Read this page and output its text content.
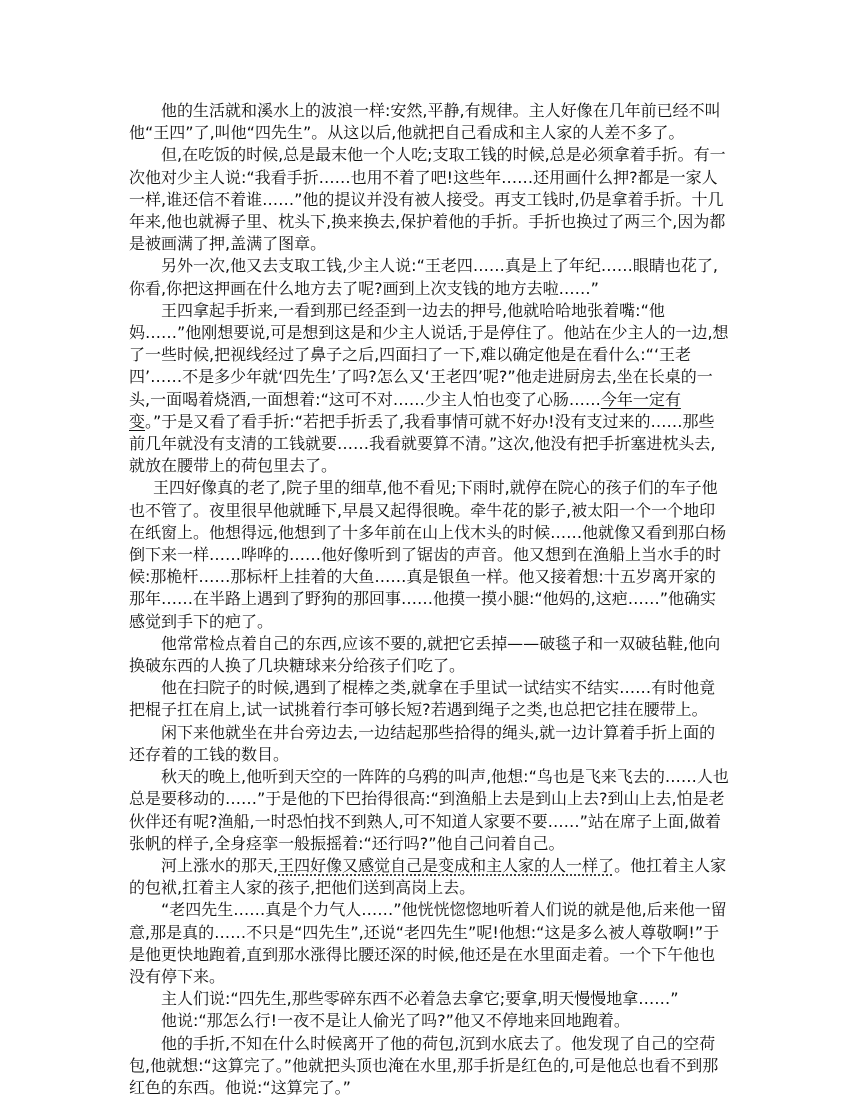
他的生活就和溪水上的波浪一样:安然,平静,有规律。主人好像在几年前已经不叫他“王四”了,叫他“四先生”。从这以后,他就把自己看成和主人家的人差不多了。

但,在吃饭的时候,总是最末他一个人吃;支取工钱的时候,总是必须拿着手折。有一次他对少主人说:“我看手折……也用不着了吧!这些年……还用画什么押?都是一家人一样,谁还信不着谁……”他的提议并没有被人接受。再支工钱时,仍是拿着手折。十几年来,他也就褥子里、枕头下,换来换去,保护着他的手折。手折也换过了两三个,因为都是被画满了押,盖满了图章。

另外一次,他又去支取工钱,少主人说:“王老四……真是上了年纪……眼睛也花了,你看,你把这押画在什么地方去了呢?画到上次支钱的地方去啦……”

王四拿起手折来,一看到那已经歪到一边去的押号,他就哈哈地张着嘴:“他妈……”他刚想要说,可是想到这是和少主人说话,于是停住了。他站在少主人的一边,想了一些时候,把视线经过了鼻子之后,四面扫了一下,难以确定他是在看什么:“‘王老四’……不是多少年就‘四先生’了吗?怎么又‘王老四’呢?”他走进厨房去,坐在长桌的一头,一面喝着烧酒,一面想着:“这可不对……少主人怕也变了心肠……今年一定有变。”于是又看了看手折:“若把手折丢了,我看事情可就不好办!没有支过来的……那些前几年就没有支清的工钱就要……我看就要算不清。”这次,他没有把手折塞进枕头去,就放在腰带上的荷包里去了。

王四好像真的老了,院子里的细草,他不看见;下雨时,就停在院心的孩子们的车子他也不管了。夜里很早他就睡下,早晨又起得很晚。牵牛花的影子,被太阳一个一个地印在纸窗上。他想得远,他想到了十多年前在山上伐木头的时候……他就像又看到那白杨倒下来一样……哗哗的……他好像听到了锯齿的声音。他又想到在渔船上当水手的时候:那桅杆……那标杆上挂着的大鱼……真是银鱼一样。他又接着想:十五岁离开家的那年……在半路上遇到了野狗的那回事……他摸一摸小腿:“他妈的,这疤……”他确实感觉到手下的疤了。

他常常检点着自己的东西,应该不要的,就把它丢掉——破毯子和一双破毡鞋,他向换破东西的人换了几块糖球来分给孩子们吃了。

他在扫院子的时候,遇到了棍棒之类,就拿在手里试一试结实不结实……有时他竟把棍子扛在肩上,试一试挑着行李可够长短?若遇到绳子之类,也总把它挂在腰带上。

闲下来他就坐在井台旁边去,一边结起那些拾得的绳头,就一边计算着手折上面的还存着的工钱的数目。

秋天的晚上,他听到天空的一阵阵的乌鸦的叫声,他想:“鸟也是飞来飞去的……人也总是要移动的……”于是他的下巴抬得很高:“到渔船上去是到山上去?到山上去,怕是老伙伴还有呢?渔船,一时恐怕找不到熟人,可不知道人家要不要……”站在席子上面,做着张帆的样子,全身痉挛一般振摇着:“还行吗?”他自己问着自己。

河上涨水的那天,王四好像又感觉自己是变成和主人家的人一样了。他扛着主人家的包袱,扛着主人家的孩子,把他们送到高岗上去。

“老四先生……真是个力气人……”他恍恍惚惚地听着人们说的就是他,后来他一留意,那是真的……不只是“四先生”,还说“老四先生”呢!他想:“这是多么被人尊敬啊!”于是他更快地跑着,直到那水涨得比腰还深的时候,他还是在水里面走着。一个下午他也没有停下来。

主人们说:“四先生,那些零碎东西不必着急去拿它;要拿,明天慢慢地拿……”

他说:“那怎么行!一夜不是让人偷光了吗?”他又不停地来回地跑着。

他的手折,不知在什么时候离开了他的荷包,沉到水底去了。他发现了自己的空荷包,他就想:“这算完了。”他就把头顶也淹在水里,那手折是红色的,可是他总也看不到那红色的东西。他说:“这算完了。”
